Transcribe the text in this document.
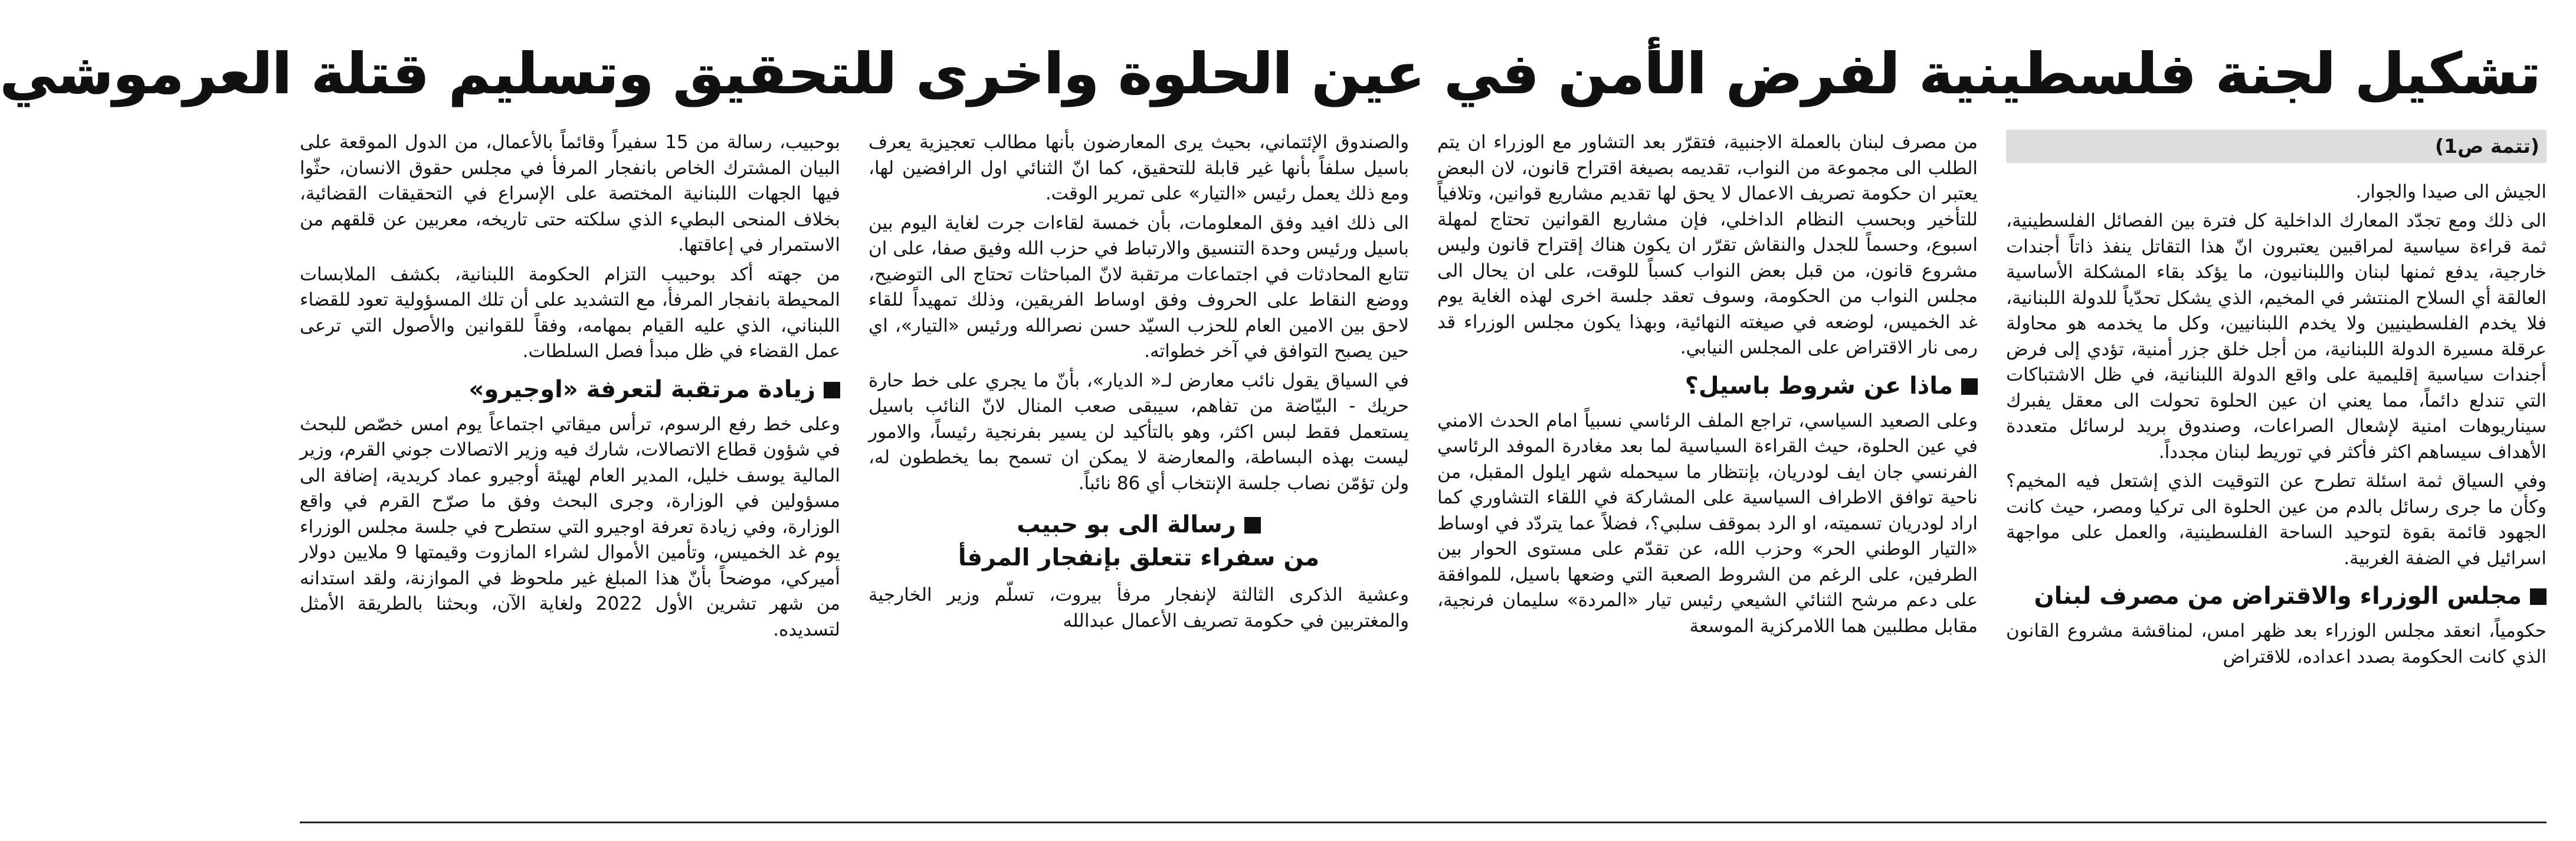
تشكيل لجنة فلسطينية لفرض الأمن في عين الحلوة واخرى للتحقيق وتسليم قتلة العرموشي
(تتمة ص1)

الجيش الى صيدا والجوار.

الى ذلك ومع تجدّد المعارك الداخلية كل فترة بين الفصائل الفلسطينية، ثمة قراءة سياسية لمراقبين يعتبرون انّ هذا التقاتل ينفذ ذاتاً أجندات خارجية، يدفع ثمنها لبنان واللبنانيون، ما يؤكد بقاء المشكلة الأساسية العالقة أي السلاح المنتشر في المخيم، الذي يشكل تحدّياً للدولة اللبنانية، فلا يخدم الفلسطينيين ولا يخدم اللبنانيين، وكل ما يخدمه هو محاولة عرقلة مسيرة الدولة اللبنانية، من أجل خلق جزر أمنية، تؤدي إلى فرض أجندات سياسية إقليمية على واقع الدولة اللبنانية، في ظل الاشتباكات التي تندلع دائماً، مما يعني ان عين الحلوة تحولت الى معقل يفبرك سيناريوهات امنية لإشعال الصراعات، وصندوق بريد لرسائل متعددة الأهداف سيساهم اكثر فأكثر في توريط لبنان مجدداً.

وفي السياق ثمة اسئلة تطرح عن التوقيت الذي إشتعل فيه المخيم؟ وكأن ما جرى رسائل بالدم من عين الحلوة الى تركيا ومصر، حيث كانت الجهود قائمة بقوة لتوحيد الساحة الفلسطينية، والعمل على مواجهة اسرائيل في الضفة الغربية.

مجلس الوزراء والاقتراض من مصرف لبنان

حكومياً، انعقد مجلس الوزراء بعد ظهر امس، لمناقشة مشروع القانون الذي كانت الحكومة بصدد اعداده، للاقتراض

من مصرف لبنان بالعملة الاجنبية، فتقرّر بعد التشاور مع الوزراء ان يتم الطلب الى مجموعة من النواب، تقديمه بصيغة اقتراح قانون، لان البعض يعتبر ان حكومة تصريف الاعمال لا يحق لها تقديم مشاريع قوانين، وتلافياً للتأخير وبحسب النظام الداخلي، فإن مشاريع القوانين تحتاج لمهلة اسبوع، وحسماً للجدل والنقاش تقرّر ان يكون هناك إقتراح قانون وليس مشروع قانون، من قبل بعض النواب كسباً للوقت، على ان يحال الى مجلس النواب من الحكومة، وسوف تعقد جلسة اخرى لهذه الغاية يوم غد الخميس، لوضعه في صيغته النهائية، وبهذا يكون مجلس الوزراء قد رمى نار الاقتراض على المجلس النيابي.

ماذا عن شروط باسيل؟

وعلى الصعيد السياسي، تراجع الملف الرئاسي نسبياً امام الحدث الامني في عين الحلوة، حيث القراءة السياسية لما بعد مغادرة الموفد الرئاسي الفرنسي جان ايف لودريان، بإنتظار ما سيحمله شهر ايلول المقبل، من ناحية توافق الاطراف السياسية على المشاركة في اللقاء التشاوري كما اراد لودريان تسميته، او الرد بموقف سلبي؟، فضلاً عما يتردّد في اوساط «التيار الوطني الحر» وحزب الله، عن تقدّم على مستوى الحوار بين الطرفين، على الرغم من الشروط الصعبة التي وضعها باسيل، للموافقة على دعم مرشح الثنائي الشيعي رئيس تيار «المردة» سليمان فرنجية، مقابل مطلبين هما اللامركزية الموسعة

والصندوق الإئتماني، بحيث يرى المعارضون بأنها مطالب تعجيزية يعرف باسيل سلفاً بأنها غير قابلة للتحقيق، كما انّ الثنائي اول الرافضين لها، ومع ذلك يعمل رئيس «التيار» على تمرير الوقت.

الى ذلك افيد وفق المعلومات، بأن خمسة لقاءات جرت لغاية اليوم بين باسيل ورئيس وحدة التنسيق والارتباط في حزب الله وفيق صفا، على ان تتابع المحادثات في اجتماعات مرتقبة لانّ المباحثات تحتاج الى التوضيح، ووضع النقاط على الحروف وفق اوساط الفريقين، وذلك تمهيداً للقاء لاحق بين الامين العام للحزب السيّد حسن نصرالله ورئيس «التيار»، اي حين يصبح التوافق في آخر خطواته.

في السياق يقول نائب معارض لـ« الديار»، بأنّ ما يجري على خط حارة حريك - البيّاضة من تفاهم، سيبقى صعب المنال لانّ النائب باسيل يستعمل فقط لبس اكثر، وهو بالتأكيد لن يسير بفرنجية رئيساً، والامور ليست بهذه البساطة، والمعارضة لا يمكن ان تسمح بما يخططون له، ولن تؤمّن نصاب جلسة الإنتخاب أي 86 نائباً.

رسالة الى بو حبيب
من سفراء تتعلق بإنفجار المرفأ

وعشية الذكرى الثالثة لإنفجار مرفأ بيروت، تسلّم وزير الخارجية والمغتربين في حكومة تصريف الأعمال عبدالله

بوحبيب، رسالة من 15 سفيراً وقائماً بالأعمال، من الدول الموقعة على البيان المشترك الخاص بانفجار المرفأ في مجلس حقوق الانسان، حثّوا فيها الجهات اللبنانية المختصة على الإسراع في التحقيقات القضائية، بخلاف المنحى البطيء الذي سلكته حتى تاريخه، معربين عن قلقهم من الاستمرار في إعاقتها.

من جهته أكد بوحبيب التزام الحكومة اللبنانية، بكشف الملابسات المحيطة بانفجار المرفأ، مع التشديد على أن تلك المسؤولية تعود للقضاء اللبناني، الذي عليه القيام بمهامه، وفقاً للقوانين والأصول التي ترعى عمل القضاء في ظل مبدأ فصل السلطات.

زيادة مرتقبة لتعرفة «اوجيرو»

وعلى خط رفع الرسوم، ترأس ميقاتي اجتماعاً يوم امس خصّص للبحث في شؤون قطاع الاتصالات، شارك فيه وزير الاتصالات جوني القرم، وزير المالية يوسف خليل، المدير العام لهيئة أوجيرو عماد كريدية، إضافة الى مسؤولين في الوزارة، وجرى البحث وفق ما صرّح القرم في واقع الوزارة، وفي زيادة تعرفة اوجيرو التي ستطرح في جلسة مجلس الوزراء يوم غد الخميس، وتأمين الأموال لشراء المازوت وقيمتها 9 ملايين دولار أميركي، موضحاً بأنّ هذا المبلغ غير ملحوظ في الموازنة، ولقد استدانه من شهر تشرين الأول 2022 ولغاية الآن، وبحثنا بالطريقة الأمثل لتسديده.
